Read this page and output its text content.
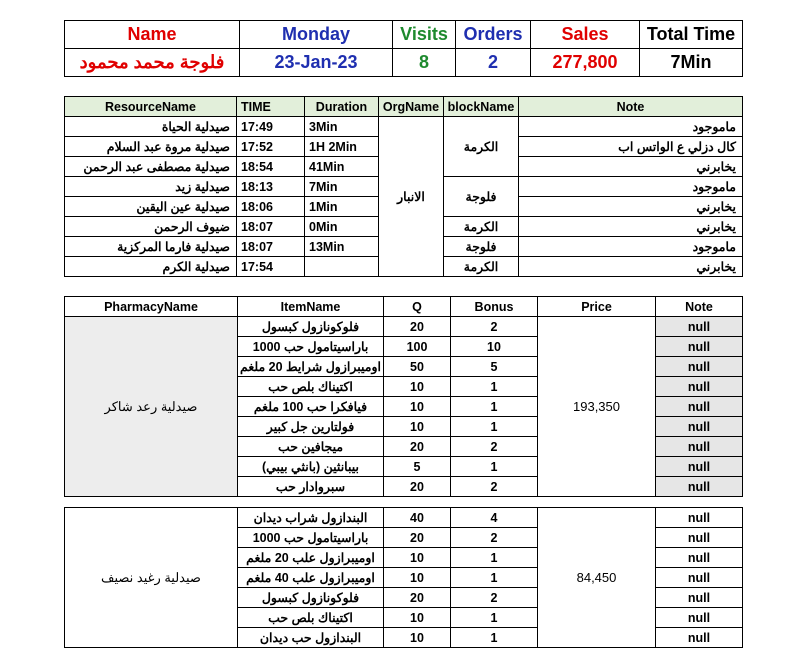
Name	Monday	Visits	Orders	Sales	Total Time
فلوجة محمد محمود	23-Jan-23	8	2	277,800	7Min
ResourceName	TIME	Duration	OrgName	blockName	Note
صيدلية الحياة	17:49	3Min	الانبار	الكرمة	ماموجود
صيدلية مروة عبد السلام	17:52	1H 2Min			كال دزلي ع الواتس اب
صيدلية مصطفى عبد الرحمن	18:54	41Min			يخابرني
صيدلية زيد	18:13	7Min		فلوجة	ماموجود
صيدلية عين اليقين	18:06	1Min			يخابرني
ضيوف الرحمن	18:07	0Min		الكرمة	يخابرني
صيدلية فارما المركزية	18:07	13Min		فلوجة	ماموجود
صيدلية الكرم	17:54			الكرمة	يخابرني
PharmacyName	ItemName	Q	Bonus	Price	Note
صيدلية رعد شاكر	فلوكونازول كبسول	20	2	193,350	null
	باراسيتامول حب 1000	100	10		null
	اوميبرازول شرايط 20 ملغم	50	5		null
	اكتيناك بلص حب	10	1		null
	فيافكرا حب 100 ملغم	10	1		null
	فولتارين جل كبير	10	1		null
	ميجافين حب	20	2		null
	بيبانثين (بانثي بيبي)	5	1		null
	سبروادار حب	20	2		null
صيدلية رغيد نصيف	البندازول شراب ديدان	40	4	84,450	null
	باراسيتامول حب 1000	20	2		null
	اوميبرازول علب 20 ملغم	10	1		null
	اوميبرازول علب 40 ملغم	10	1		null
	فلوكونازول كبسول	20	2		null
	اكتيناك بلص حب	10	1		null
	البندازول حب ديدان	10	1		null
